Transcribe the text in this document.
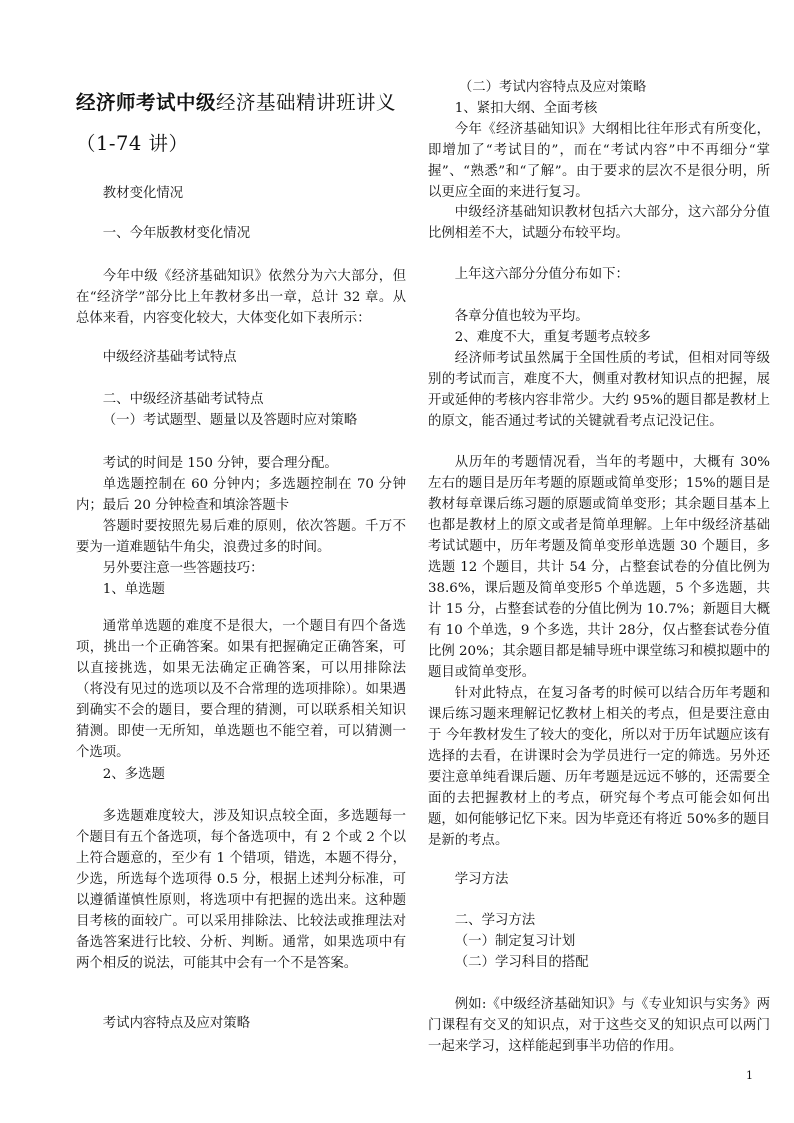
经济师考试中级经济基础精讲班讲义（1-74 讲）

教材变化情况

一、今年版教材变化情况

今年中级《经济基础知识》依然分为六大部分，但在“经济学”部分比上年教材多出一章，总计 32 章。从总体来看，内容变化较大，大体变化如下表所示：

中级经济基础考试特点

二、中级经济基础考试特点

（一）考试题型、题量以及答题时应对策略

考试的时间是 150 分钟，要合理分配。

单选题控制在 60 分钟内；多选题控制在 70 分钟内；最后 20 分钟检查和填涂答题卡

答题时要按照先易后难的原则，依次答题。千万不要为一道难题钻牛角尖，浪费过多的时间。

另外要注意一些答题技巧：

1、单选题

通常单选题的难度不是很大，一个题目有四个备选项，挑出一个正确答案。如果有把握确定正确答案，可以直接挑选，如果无法确定正确答案，可以用排除法（将没有见过的选项以及不合常理的选项排除）。如果遇到确实不会的题目，要合理的猜测，可以联系相关知识猜测。即使一无所知，单选题也不能空着，可以猜测一个选项。

2、多选题

多选题难度较大，涉及知识点较全面，多选题每一个题目有五个备选项，每个备选项中，有 2 个或 2 个以上符合题意的，至少有 1 个错项，错选，本题不得分，少选，所选每个选项得 0.5 分，根据上述判分标准，可以遵循谨慎性原则，将选项中有把握的选出来。这种题目考核的面较广。可以采用排除法、比较法或推理法对备选答案进行比较、分析、判断。通常，如果选项中有两个相反的说法，可能其中会有一个不是答案。

考试内容特点及应对策略

（二）考试内容特点及应对策略

1、紧扣大纲、全面考核

今年《经济基础知识》大纲相比往年形式有所变化，即增加了“考试目的”，而在“考试内容”中不再细分“掌握”、“熟悉”和“了解”。由于要求的层次不是很分明，所以更应全面的来进行复习。

中级经济基础知识教材包括六大部分，这六部分分值比例相差不大，试题分布较平均。

上年这六部分分值分布如下：

各章分值也较为平均。

2、难度不大，重复考题考点较多

经济师考试虽然属于全国性质的考试，但相对同等级别的考试而言，难度不大，侧重对教材知识点的把握，展开或延伸的考核内容非常少。大约 95%的题目都是教材上的原文，能否通过考试的关键就看考点记没记住。

从历年的考题情况看，当年的考题中，大概有 30%左右的题目是历年考题的原题或简单变形；15%的题目是教材每章课后练习题的原题或简单变形；其余题目基本上也都是教材上的原文或者是简单理解。上年中级经济基础考试试题中，历年考题及简单变形单选题 30 个题目，多选题 12 个题目，共计 54 分，占整套试卷的分值比例为38.6%，课后题及简单变形5 个单选题，5 个多选题，共计 15 分，占整套试卷的分值比例为 10.7%；新题目大概有 10 个单选，9 个多选，共计 28分，仅占整套试卷分值比例 20%；其余题目都是辅导班中课堂练习和模拟题中的题目或简单变形。

针对此特点，在复习备考的时候可以结合历年考题和课后练习题来理解记忆教材上相关的考点，但是要注意由于 今年教材发生了较大的变化，所以对于历年试题应该有选择的去看，在讲课时会为学员进行一定的筛选。另外还要注意单纯看课后题、历年考题是远远不够的，还需要全面的去把握教材上的考点，研究每个考点可能会如何出题，如何能够记忆下来。因为毕竟还有将近 50%多的题目是新的考点。

学习方法

二、学习方法

（一）制定复习计划

（二）学习科目的搭配

例如:《中级经济基础知识》与《专业知识与实务》两门课程有交叉的知识点，对于这些交叉的知识点可以两门一起来学习，这样能起到事半功倍的作用。

1
